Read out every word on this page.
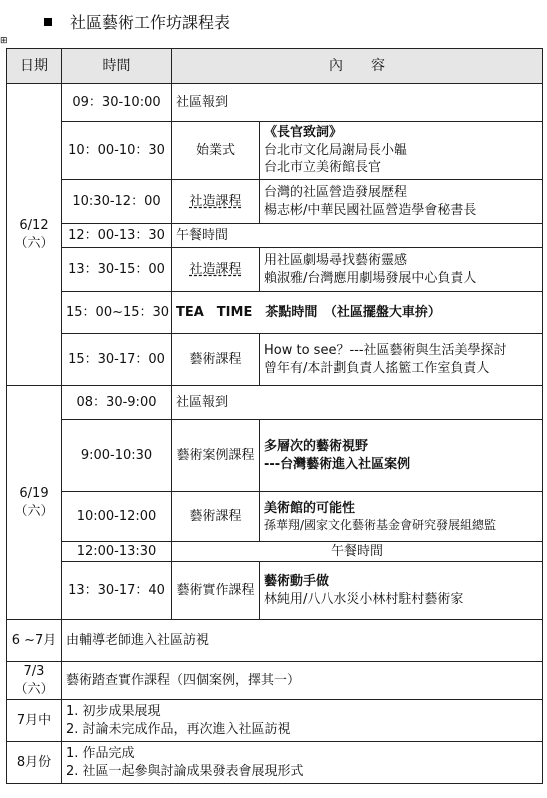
社區藝術工作坊課程表
⊞
日期	時間	內　　容	

6/12
（六）	09：30-10:00	社區報到	
	10：00-10：30	始業式	《長官致詞》
台北市文化局謝局長小韞
台北市立美術館長官

	10:30-12：00	社造課程	台灣的社區營造發展歷程
楊志彬/中華民國社區營造學會秘書長

	12：00-13：30	午餐時間	
	13：30-15：00	社造課程	用社區劇場尋找藝術靈感
賴淑雅/台灣應用劇場發展中心負責人

	15：00~15：30	TEA　TIME　茶點時間　（社區擺盤大車拚）	
	15：30-17：00	藝術課程	How to see？---社區藝術與生活美學探討
曾年有/本計劃負責人搖籃工作室負責人

6/19
（六）	08：30-9:00	社區報到	
	9:00-10:30	藝術案例課程	多層次的藝術視野
---台灣藝術進入社區案例

	10:00-12:00	藝術課程	美術館的可能性
孫華翔/國家文化藝術基金會研究發展組總監

	12:00-13:30	午餐時間	
	13：30-17：40	藝術實作課程	藝術動手做
林純用/八八水災小林村駐村藝術家

6 ~7月	由輔導老師進入社區訪視		
7/3（六）	藝術踏查實作課程（四個案例，擇其一）		
7月中	1. 初步成果展現
2. 討論未完成作品，再次進入社區訪視		

8月份	1. 作品完成
2. 社區一起參與討論成果發表會展現形式		
